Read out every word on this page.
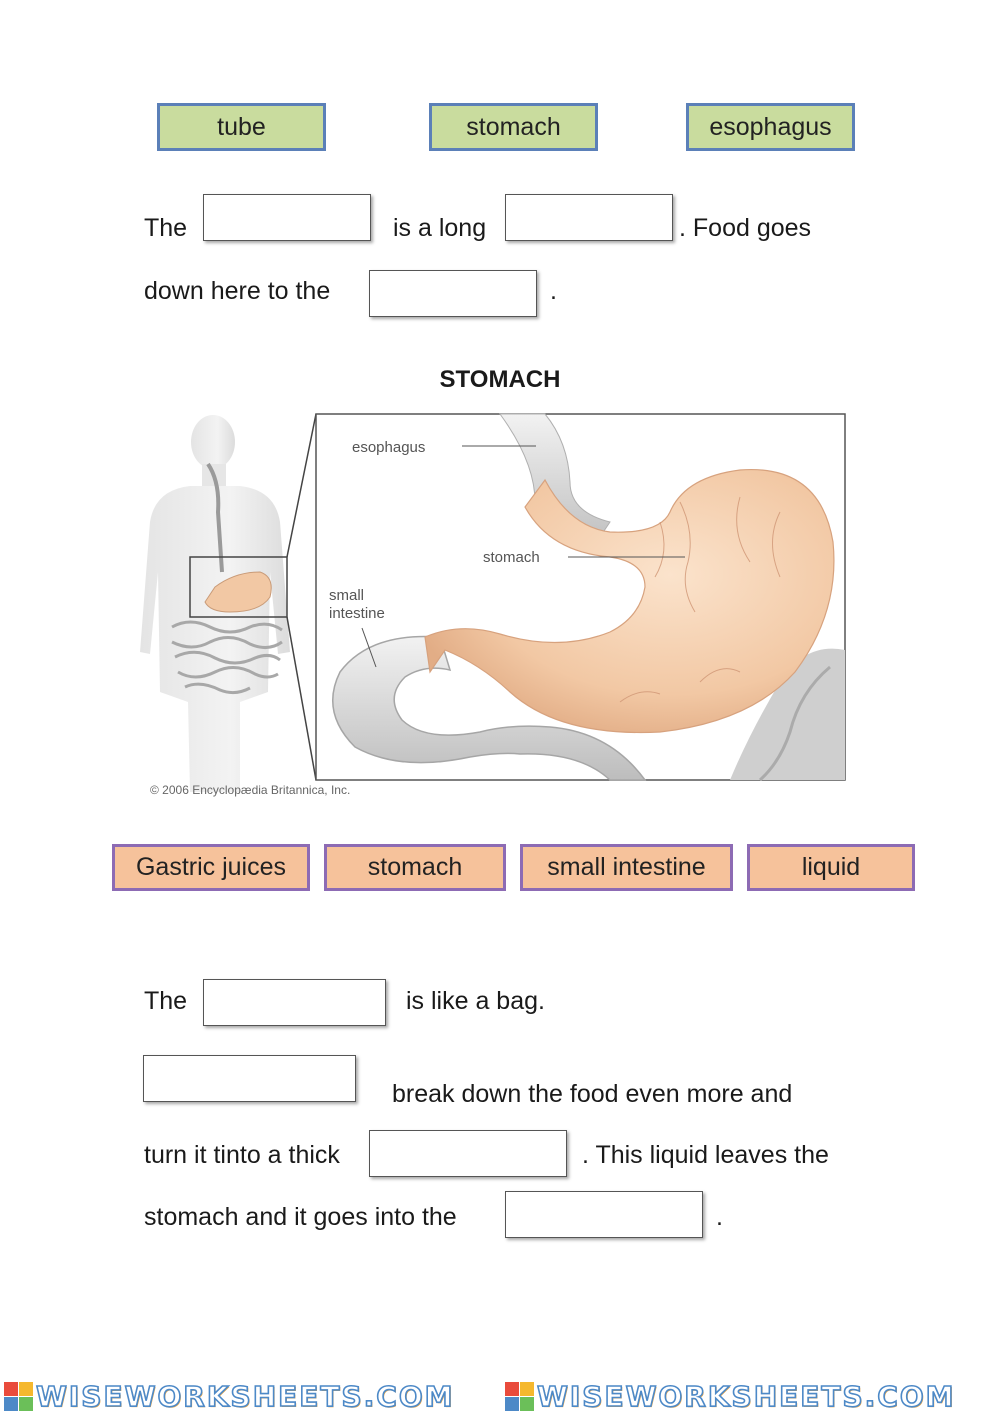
tube	stomach	esophagus
The	is a long	. Food goes
down here to the	.
STOMACH
esophagus
stomach
small
intestine
© 2006 Encyclopædia Britannica, Inc.
Gastric juices	stomach	small intestine	liquid
The	is like a bag.
break down the food even more and
turn it tinto a thick	. This liquid leaves the
stomach and it goes into the	.
WISEWORKSHEETS.COM	WISEWORKSHEETS.COM
